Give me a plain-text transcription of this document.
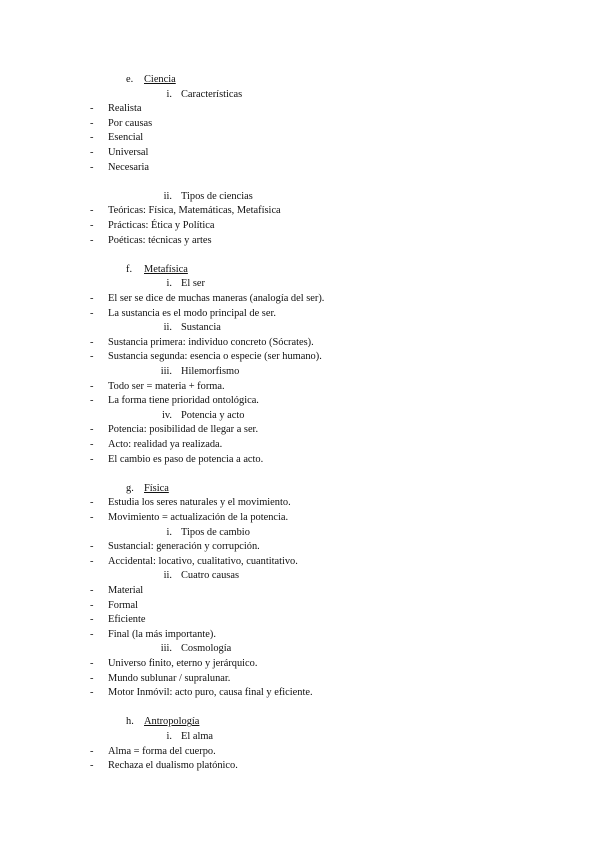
e. Ciencia
i. Características
- Realista
- Por causas
- Esencial
- Universal
- Necesaria
ii. Tipos de ciencias
- Teóricas: Física, Matemáticas, Metafísica
- Prácticas: Ética y Política
- Poéticas: técnicas y artes
f. Metafísica
i. El ser
- El ser se dice de muchas maneras (analogía del ser).
- La sustancia es el modo principal de ser.
ii. Sustancia
- Sustancia primera: individuo concreto (Sócrates).
- Sustancia segunda: esencia o especie (ser humano).
iii. Hilemorfismo
- Todo ser = materia + forma.
- La forma tiene prioridad ontológica.
iv. Potencia y acto
- Potencia: posibilidad de llegar a ser.
- Acto: realidad ya realizada.
- El cambio es paso de potencia a acto.
g. Física
- Estudia los seres naturales y el movimiento.
- Movimiento = actualización de la potencia.
i. Tipos de cambio
- Sustancial: generación y corrupción.
- Accidental: locativo, cualitativo, cuantitativo.
ii. Cuatro causas
- Material
- Formal
- Eficiente
- Final (la más importante).
iii. Cosmología
- Universo finito, eterno y jerárquico.
- Mundo sublunar / supralunar.
- Motor Inmóvil: acto puro, causa final y eficiente.
h. Antropología
i. El alma
- Alma = forma del cuerpo.
- Rechaza el dualismo platónico.
